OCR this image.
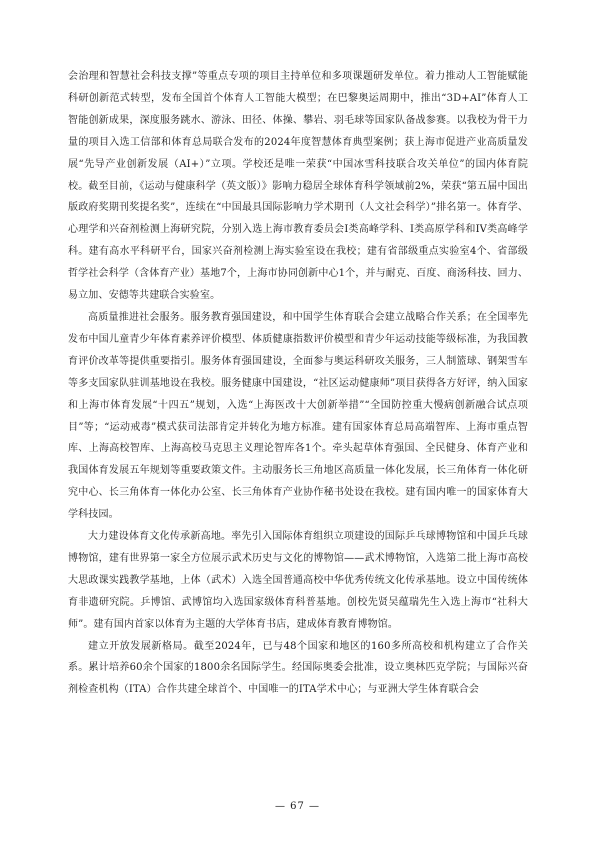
会治理和智慧社会科技支撑”等重点专项的项目主持单位和多项课题研发单位。着力推动人工智能赋能科研创新范式转型，发布全国首个体育人工智能大模型；在巴黎奥运周期中，推出“3D+AI”体育人工智能创新成果，深度服务跳水、游泳、田径、体操、攀岩、羽毛球等国家队备战参赛。以我校为骨干力量的项目入选工信部和体育总局联合发布的2024年度智慧体育典型案例；获上海市促进产业高质量发展“先导产业创新发展（AI+）”立项。学校还是唯一荣获“中国冰雪科技联合攻关单位”的国内体育院校。截至目前，《运动与健康科学（英文版）》影响力稳居全球体育科学领域前2%，荣获“第五届中国出版政府奖期刊奖提名奖”，连续在“中国最具国际影响力学术期刊（人文社会科学）”排名第一。体育学、心理学和兴奋剂检测上海研究院，分别入选上海市教育委员会I类高峰学科、I类高原学科和IV类高峰学科。建有高水平科研平台，国家兴奋剂检测上海实验室设在我校；建有省部级重点实验室4个、省部级哲学社会科学（含体育产业）基地7个，上海市协同创新中心1个，并与耐克、百度、商汤科技、回力、易立加、安德等共建联合实验室。

高质量推进社会服务。服务教育强国建设，和中国学生体育联合会建立战略合作关系；在全国率先发布中国儿童青少年体育素养评价模型、体质健康指数评价模型和青少年运动技能等级标准，为我国教育评价改革等提供重要指引。服务体育强国建设，全面参与奥运科研攻关服务，三人制篮球、钢架雪车等多支国家队驻训基地设在我校。服务健康中国建设，“社区运动健康师”项目获得各方好评，纳入国家和上海市体育发展“十四五”规划，入选“上海医改十大创新举措”“全国防控重大慢病创新融合试点项目”等；“运动戒毒”模式获司法部肯定并转化为地方标准。建有国家体育总局高端智库、上海市重点智库、上海高校智库、上海高校马克思主义理论智库各1个。牵头起草体育强国、全民健身、体育产业和我国体育发展五年规划等重要政策文件。主动服务长三角地区高质量一体化发展，长三角体育一体化研究中心、长三角体育一体化办公室、长三角体育产业协作秘书处设在我校。建有国内唯一的国家体育大学科技园。

大力建设体育文化传承新高地。率先引入国际体育组织立项建设的国际乒乓球博物馆和中国乒乓球博物馆，建有世界第一家全方位展示武术历史与文化的博物馆——武术博物馆，入选第二批上海市高校大思政课实践教学基地，上体（武术）入选全国普通高校中华优秀传统文化传承基地。设立中国传统体育非遗研究院。乒博馆、武博馆均入选国家级体育科普基地。创校先贤吴蕴瑞先生入选上海市“社科大师”。建有国内首家以体育为主题的大学体育书店，建成体育教育博物馆。

建立开放发展新格局。截至2024年，已与48个国家和地区的160多所高校和机构建立了合作关系。累计培养60余个国家的1800余名国际学生。经国际奥委会批准，设立奥林匹克学院；与国际兴奋剂检查机构（ITA）合作共建全球首个、中国唯一的ITA学术中心；与亚洲大学生体育联合会

— 67 —
